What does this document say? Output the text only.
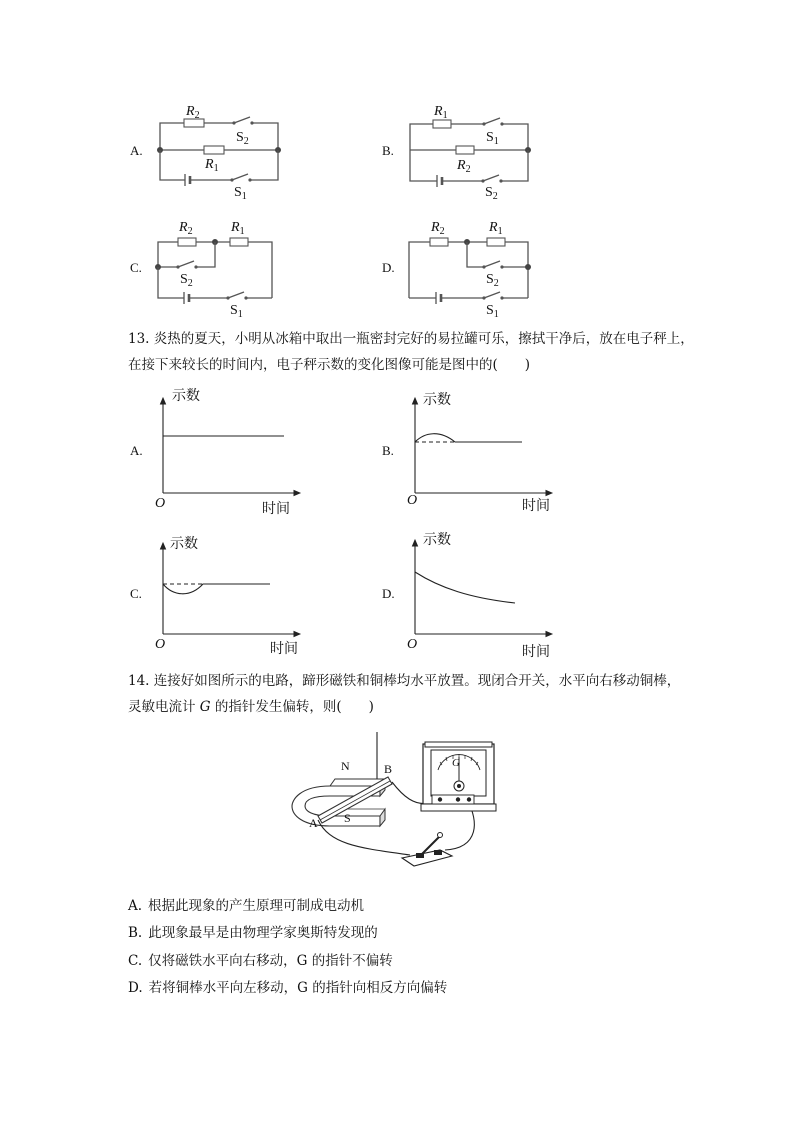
A.
$R_2$
$S_2$
$R_1$
$S_1$
$R_1$
$S_1$
$R_2$
$S_2$
$R_2$	$R_1$
$S_2$
$S_1$
$R_2$	$R_1$
$S_2$
$S_1$
B.
C.	D.
13. 炎热的夏天，小明从冰箱中取出一瓶密封完好的易拉罐可乐，擦拭干净后，放在电子秤上，
在接下来较长的时间内，电子秤示数的变化图像可能是图中的(　　)
示数
时间
O
示数
时间
O
示数
时间
O
示数
时间
O
A.	B.
C.	D.
14. 连接好如图所示的电路，蹄形磁铁和铜棒均水平放置。现闭合开关，水平向右移动铜棒，
灵敏电流计 G 的指针发生偏转，则(　　)
G
N
S
A
B
A. 根据此现象的产生原理可制成电动机
B. 此现象最早是由物理学家奥斯特发现的
C. 仅将磁铁水平向右移动，G 的指针不偏转
D. 若将铜棒水平向左移动，G 的指针向相反方向偏转
